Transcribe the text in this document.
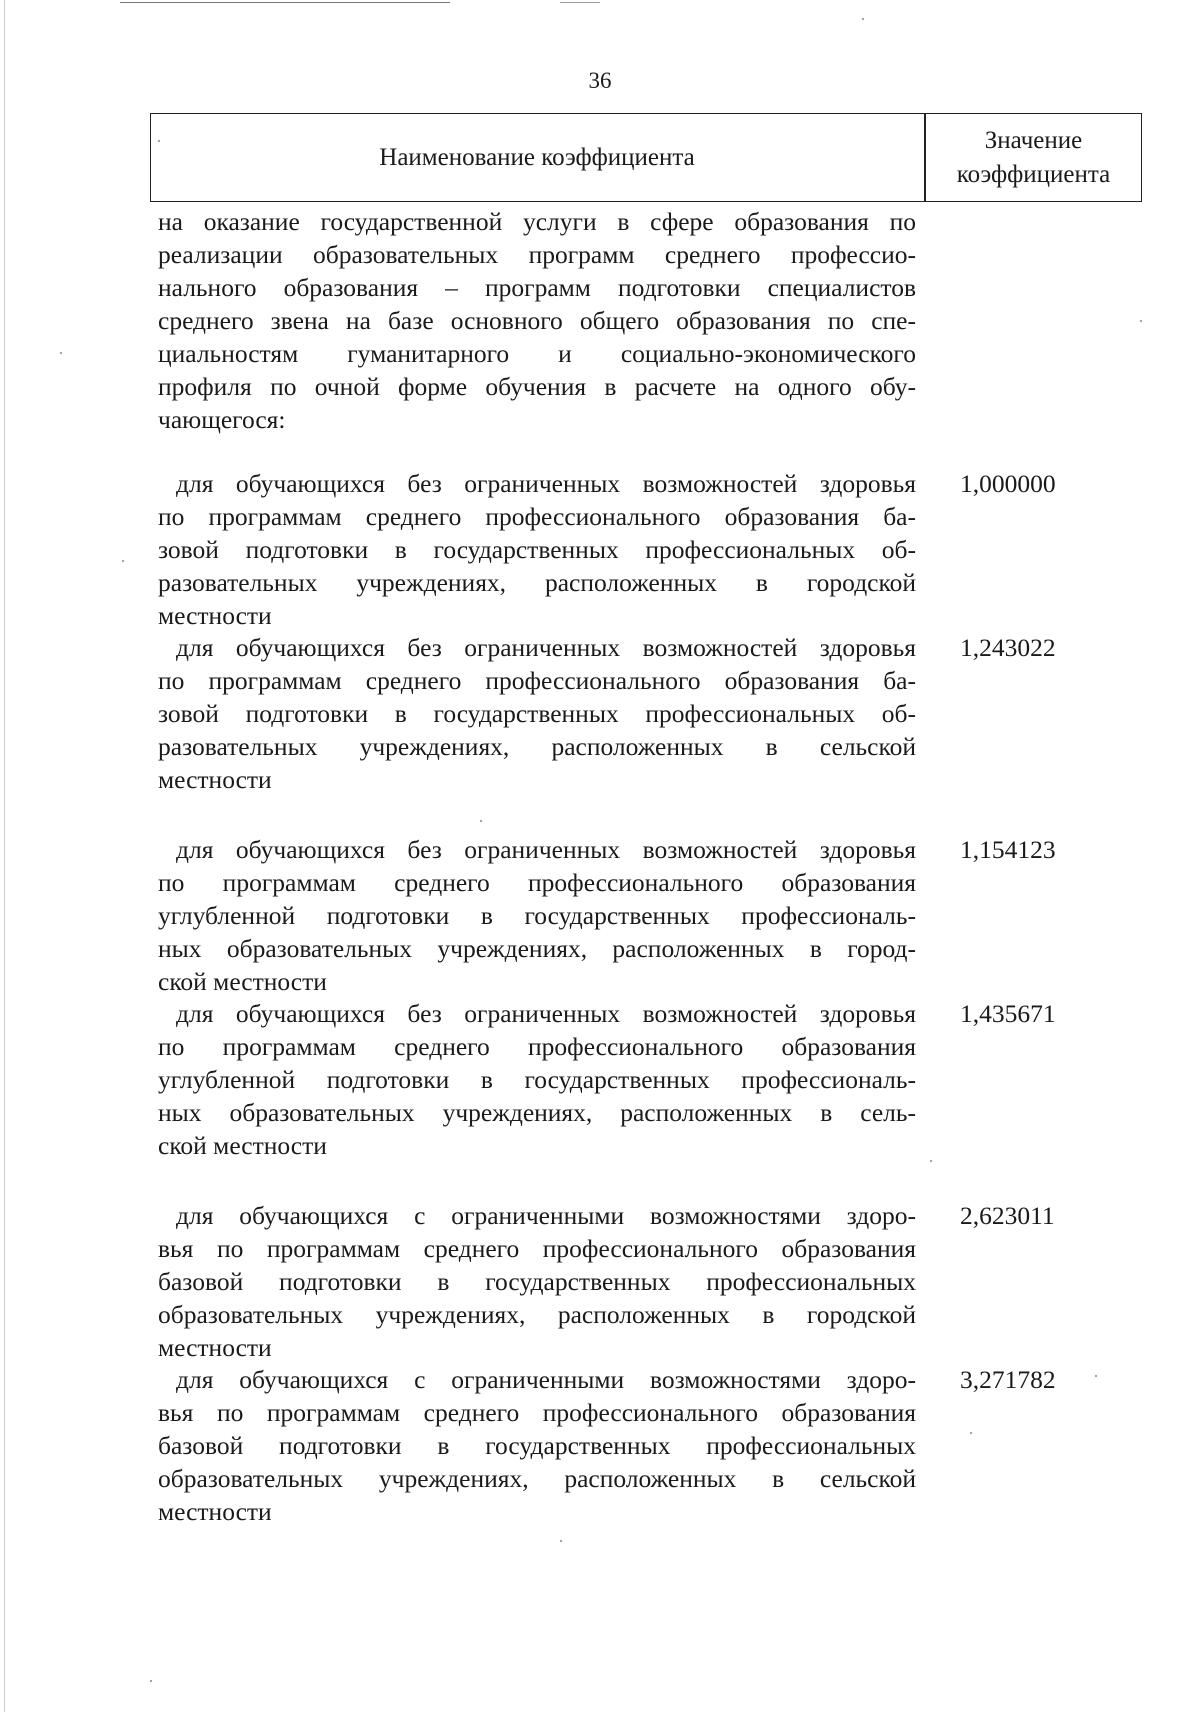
36
Наименование коэффициента
Значение
коэффициента
на оказание государственной услуги в сфере образования по
реализации образовательных программ среднего профессио-
нального образования – программ подготовки специалистов
среднего звена на базе основного общего образования по спе-
циальностям гуманитарного и социально-экономического
профиля по очной форме обучения в расчете на одного обу-
чающегося:
для обучающихся без ограниченных возможностей здоровья
по программам среднего профессионального образования ба-
зовой подготовки в государственных профессиональных об-
разовательных учреждениях, расположенных в городской
местности
1,000000
для обучающихся без ограниченных возможностей здоровья
по программам среднего профессионального образования ба-
зовой подготовки в государственных профессиональных об-
разовательных учреждениях, расположенных в сельской
местности
1,243022
для обучающихся без ограниченных возможностей здоровья
по программам среднего профессионального образования
углубленной подготовки в государственных профессиональ-
ных образовательных учреждениях, расположенных в город-
ской местности
1,154123
для обучающихся без ограниченных возможностей здоровья
по программам среднего профессионального образования
углубленной подготовки в государственных профессиональ-
ных образовательных учреждениях, расположенных в сель-
ской местности
1,435671
для обучающихся с ограниченными возможностями здоро-
вья по программам среднего профессионального образования
базовой подготовки в государственных профессиональных
образовательных учреждениях, расположенных в городской
местности
2,623011
для обучающихся с ограниченными возможностями здоро-
вья по программам среднего профессионального образования
базовой подготовки в государственных профессиональных
образовательных учреждениях, расположенных в сельской
местности
3,271782
